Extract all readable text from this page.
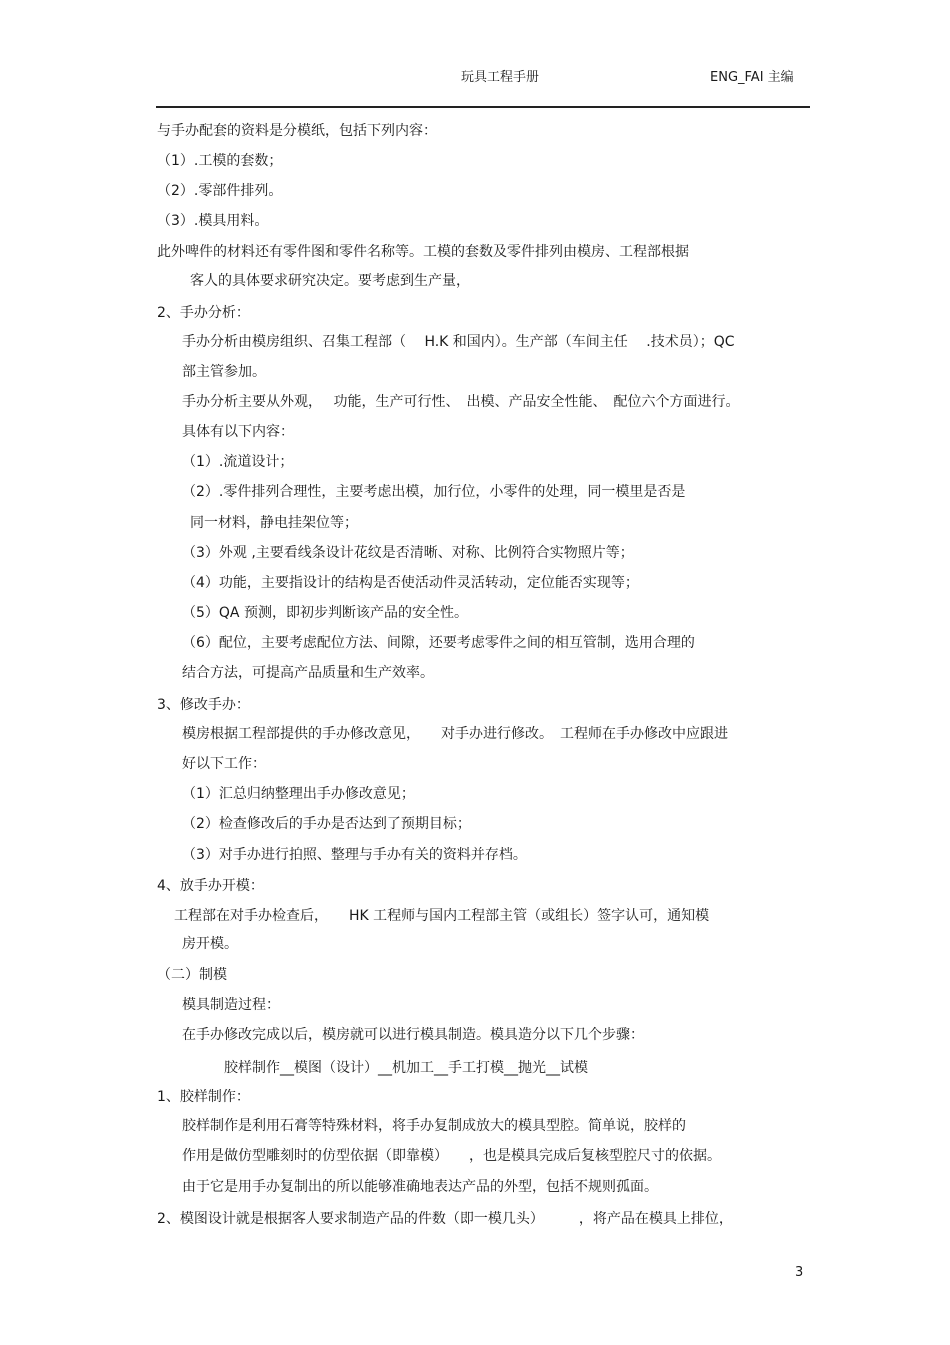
玩具工程手册	ENG_FAI 主编
与手办配套的资料是分模纸，包括下列内容：
（1）.工模的套数；
（2）.零部件排列。
（3）.模具用料。
此外啤件的材料还有零件图和零件名称等。工模的套数及零件排列由模房、工程部根据
客人的具体要求研究决定。要考虑到生产量，
2、手办分析：
手办分析由模房组织、召集工程部（　 H.K 和国内）。生产部（车间主任 　.技术员）；QC
部主管参加。
手办分析主要从外观，　 功能，生产可行性、　出模、产品安全性能、　配位六个方面进行。
具体有以下内容：
（1）.流道设计；
（2）.零件排列合理性，主要考虑出模，加行位，小零件的处理，同一模里是否是
同一材料，静电挂架位等；
（3）外观 ,主要看线条设计花纹是否清晰、对称、比例符合实物照片等；
（4）功能，主要指设计的结构是否使活动件灵活转动，定位能否实现等；
（5）QA 预测，即初步判断该产品的安全性。
（6）配位，主要考虑配位方法、间隙，还要考虑零件之间的相互管制，选用合理的
结合方法，可提高产品质量和生产效率。
3、修改手办：
模房根据工程部提供的手办修改意见，　　对手办进行修改。　工程师在手办修改中应跟进
好以下工作：
（1）汇总归纳整理出手办修改意见；
（2）检查修改后的手办是否达到了预期目标；
（3）对手办进行拍照、整理与手办有关的资料并存档。
4、放手办开模：
工程部在对手办检查后，　　HK 工程师与国内工程部主管（或组长）签字认可，通知模
房开模。
（二）制模
模具制造过程：
在手办修改完成以后，模房就可以进行模具制造。模具造分以下几个步骤：
胶样制作__模图（设计）__机加工__手工打模__抛光__试模
1、胶样制作：
胶样制作是利用石膏等特殊材料，将手办复制成放大的模具型腔。简单说，胶样的
作用是做仿型雕刻时的仿型依据（即靠模）　　，也是模具完成后复核型腔尺寸的依据。
由于它是用手办复制出的所以能够准确地表达产品的外型，包括不规则孤面。
2、模图设计就是根据客人要求制造产品的件数（即一模几头）　　　，将产品在模具上排位，
3
